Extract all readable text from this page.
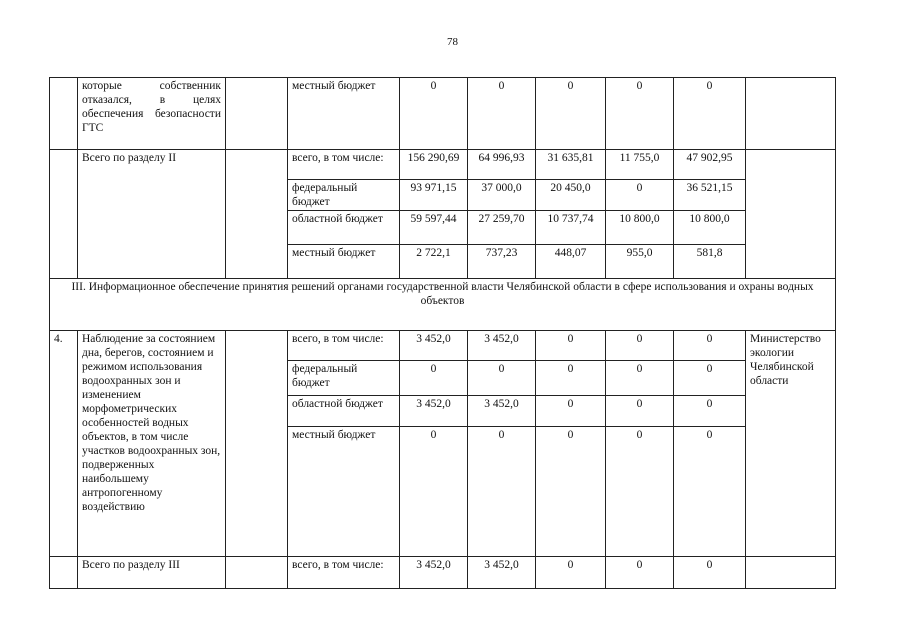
78
	которые собственник отказался, в целях обеспечения безопасности ГТС		местный бюджет	0	0	0	0	0	
	Всего по разделу II		всего, в том числе:	156 290,69	64 996,93	31 635,81	11 755,0	47 902,95	
			федеральный бюджет	93 971,15	37 000,0	20 450,0	0	36 521,15	
			областной бюджет	59 597,44	27 259,70	10 737,74	10 800,0	10 800,0	
			местный бюджет	2 722,1	737,23	448,07	955,0	581,8	
III. Информационное обеспечение принятия решений органами государственной власти Челябинской области в сфере использования и охраны водных объектов									
4.	Наблюдение за состоянием дна, берегов, состоянием и режимом использования водоохранных зон и изменением морфометрических особенностей водных объектов, в том числе участков водоохранных зон, подверженных наибольшему антропогенному воздействию		всего, в том числе:	3 452,0	3 452,0	0	0	0	Министерство экологии Челябинской области
			федеральный бюджет	0	0	0	0	0	
			областной бюджет	3 452,0	3 452,0	0	0	0	
			местный бюджет	0	0	0	0	0	
	Всего по разделу III		всего, в том числе:	3 452,0	3 452,0	0	0	0	
